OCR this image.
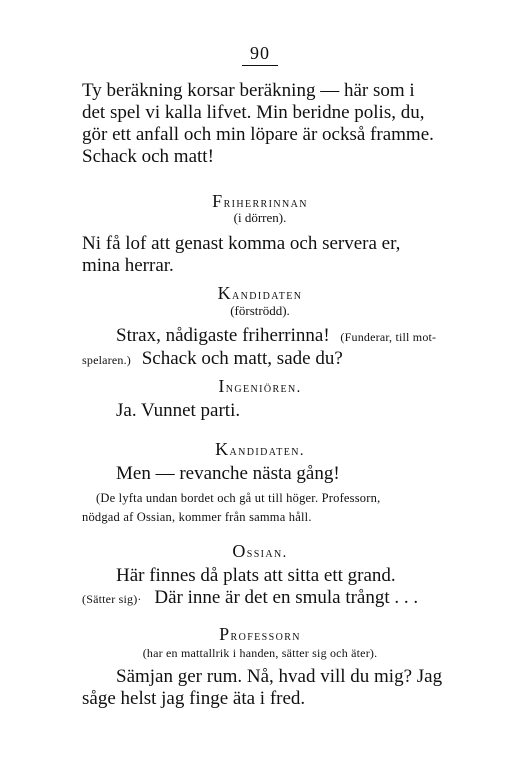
90
Ty beräkning korsar beräkning — här som i
det spel vi kalla lifvet. Min beridne polis, du,
gör ett anfall och min löpare är också framme.
Schack och matt!
Friherrinnan
(i dörren).
Ni få lof att genast komma och servera er,
mina herrar.
Kandidaten
(förströdd).
Strax, nådigaste friherrinna! (Funderar, till mot-
spelaren.) Schack och matt, sade du?
Ingeniören.
Ja. Vunnet parti.
Kandidaten.
Men — revanche nästa gång!
(De lyfta undan bordet och gå ut till höger. Professorn,
nödgad af Ossian, kommer från samma håll.
Ossian.
Här finnes då plats att sitta ett grand.
(Sätter sig)· Där inne är det en smula trångt . . .
Professorn
(har en mattallrik i handen, sätter sig och äter).
Sämjan ger rum. Nå, hvad vill du mig? Jag
såge helst jag finge äta i fred.
